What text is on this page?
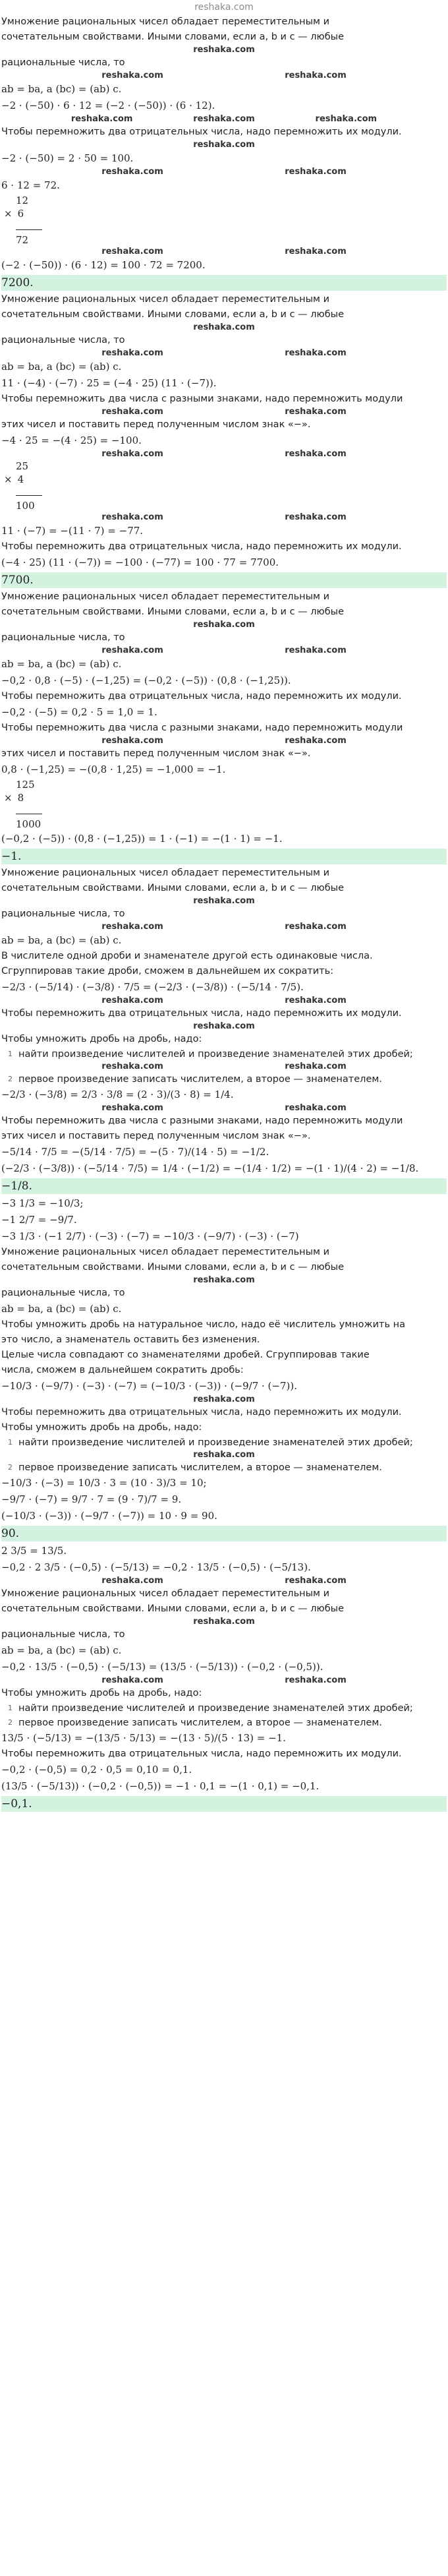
reshaka.com
Умножение рациональных чисел обладает переместительным и
сочетательным свойствами. Иными словами, если a, b и c — любые
reshaka.com
рациональные числа, то
reshaka.com	reshaka.com
ab = ba, a (bc) = (ab) c.
−2 · (−50) · 6 · 12 = (−2 · (−50)) · (6 · 12).
reshaka.com	reshaka.com	reshaka.com
Чтобы перемножить два отрицательных числа, надо перемножить их модули.
reshaka.com
−2 · (−50) = 2 · 50 = 100.
reshaka.com	reshaka.com
6 · 12 = 72.
12
× 6
72
reshaka.com	reshaka.com
(−2 · (−50)) · (6 · 12) = 100 · 72 = 7200.
7200.
Умножение рациональных чисел обладает переместительным и
сочетательным свойствами. Иными словами, если a, b и c — любые
reshaka.com
рациональные числа, то
reshaka.com	reshaka.com
ab = ba, a (bc) = (ab) c.
11 · (−4) · (−7) · 25 = (−4 · 25) (11 · (−7)).
Чтобы перемножить два числа с разными знаками, надо перемножить модули
reshaka.com	reshaka.com
этих чисел и поставить перед полученным числом знак «−».
−4 · 25 = −(4 · 25) = −100.
reshaka.com	reshaka.com
25
× 4
100
reshaka.com	reshaka.com
11 · (−7) = −(11 · 7) = −77.
Чтобы перемножить два отрицательных числа, надо перемножить их модули.
(−4 · 25) (11 · (−7)) = −100 · (−77) = 100 · 77 = 7700.
7700.
Умножение рациональных чисел обладает переместительным и
сочетательным свойствами. Иными словами, если a, b и c — любые
reshaka.com
рациональные числа, то
reshaka.com	reshaka.com
ab = ba, a (bc) = (ab) c.
−0,2 · 0,8 · (−5) · (−1,25) = (−0,2 · (−5)) · (0,8 · (−1,25)).
Чтобы перемножить два отрицательных числа, надо перемножить их модули.
−0,2 · (−5) = 0,2 · 5 = 1,0 = 1.
Чтобы перемножить два числа с разными знаками, надо перемножить модули
reshaka.com	reshaka.com
этих чисел и поставить перед полученным числом знак «−».
0,8 · (−1,25) = −(0,8 · 1,25) = −1,000 = −1.
125
× 8
1000
(−0,2 · (−5)) · (0,8 · (−1,25)) = 1 · (−1) = −(1 · 1) = −1.
−1.
Умножение рациональных чисел обладает переместительным и
сочетательным свойствами. Иными словами, если a, b и c — любые
reshaka.com
рациональные числа, то
reshaka.com	reshaka.com
ab = ba, a (bc) = (ab) c.
В числителе одной дроби и знаменателе другой есть одинаковые числа.
Сгруппировав такие дроби, сможем в дальнейшем их сократить:
−2/3 · (−5/14) · (−3/8) · 7/5 = (−2/3 · (−3/8)) · (−5/14 · 7/5).
reshaka.com	reshaka.com
Чтобы перемножить два отрицательных числа, надо перемножить их модули.
reshaka.com
Чтобы умножить дробь на дробь, надо:
1 найти произведение числителей и произведение знаменателей этих дробей;
reshaka.com	reshaka.com
2 первое произведение записать числителем, а второе — знаменателем.
−2/3 · (−3/8) = 2/3 · 3/8 = (2 · 3)/(3 · 8) = 1/4.
reshaka.com	reshaka.com
Чтобы перемножить два числа с разными знаками, надо перемножить модули
этих чисел и поставить перед полученным числом знак «−».
−5/14 · 7/5 = −(5/14 · 7/5) = −(5 · 7)/(14 · 5) = −1/2.
(−2/3 · (−3/8)) · (−5/14 · 7/5) = 1/4 · (−1/2) = −(1/4 · 1/2) = −(1 · 1)/(4 · 2) = −1/8.
−1/8.
−3 1/3 = −10/3;
−1 2/7 = −9/7.
−3 1/3 · (−1 2/7) · (−3) · (−7) = −10/3 · (−9/7) · (−3) · (−7)
Умножение рациональных чисел обладает переместительным и
сочетательным свойствами. Иными словами, если a, b и c — любые
reshaka.com
рациональные числа, то
ab = ba, a (bc) = (ab) c.
Чтобы умножить дробь на натуральное число, надо её числитель умножить на
это число, а знаменатель оставить без изменения.
Целые числа совпадают со знаменателями дробей. Сгруппировав такие
числа, сможем в дальнейшем сократить дробь:
−10/3 · (−9/7) · (−3) · (−7) = (−10/3 · (−3)) · (−9/7 · (−7)).
reshaka.com
Чтобы перемножить два отрицательных числа, надо перемножить их модули.
Чтобы умножить дробь на дробь, надо:
1 найти произведение числителей и произведение знаменателей этих дробей;
reshaka.com
2 первое произведение записать числителем, а второе — знаменателем.
−10/3 · (−3) = 10/3 · 3 = (10 · 3)/3 = 10;
−9/7 · (−7) = 9/7 · 7 = (9 · 7)/7 = 9.
(−10/3 · (−3)) · (−9/7 · (−7)) = 10 · 9 = 90.
90.
2 3/5 = 13/5.
−0,2 · 2 3/5 · (−0,5) · (−5/13) = −0,2 · 13/5 · (−0,5) · (−5/13).
reshaka.com	reshaka.com
Умножение рациональных чисел обладает переместительным и
сочетательным свойствами. Иными словами, если a, b и c — любые
reshaka.com
рациональные числа, то
ab = ba, a (bc) = (ab) c.
−0,2 · 13/5 · (−0,5) · (−5/13) = (13/5 · (−5/13)) · (−0,2 · (−0,5)).
reshaka.com	reshaka.com
Чтобы умножить дробь на дробь, надо:
1 найти произведение числителей и произведение знаменателей этих дробей;
2 первое произведение записать числителем, а второе — знаменателем.
13/5 · (−5/13) = −(13/5 · 5/13) = −(13 · 5)/(5 · 13) = −1.
Чтобы перемножить два отрицательных числа, надо перемножить их модули.
−0,2 · (−0,5) = 0,2 · 0,5 = 0,10 = 0,1.
(13/5 · (−5/13)) · (−0,2 · (−0,5)) = −1 · 0,1 = −(1 · 0,1) = −0,1.
−0,1.
